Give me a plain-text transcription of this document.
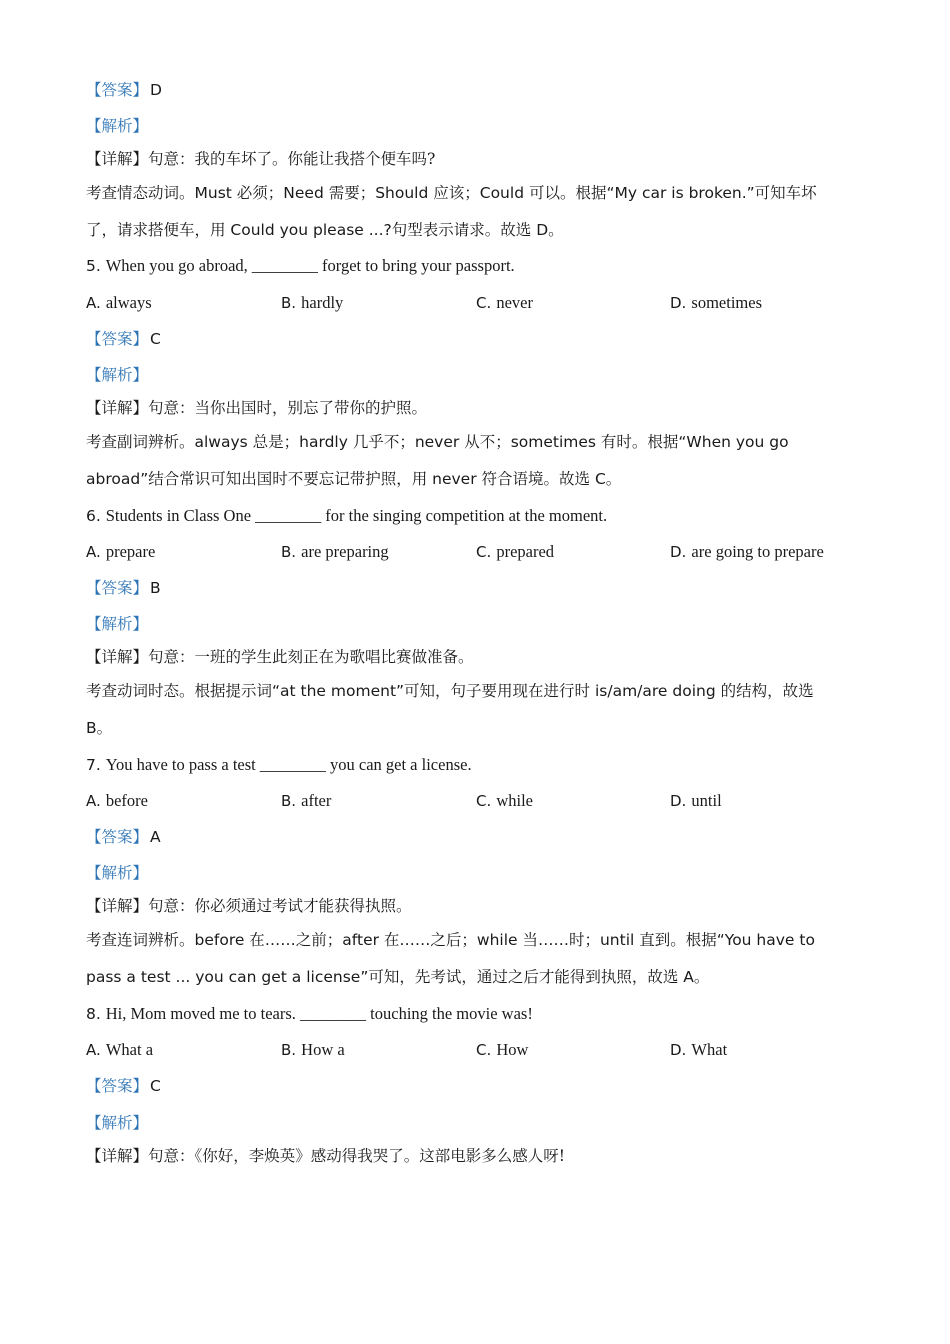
【答案】 D
【解析】
【详解】句意：我的车坏了。你能让我搭个便车吗?
考查情态动词。Must 必须；Need 需要；Should 应该；Could 可以。根据“My car is broken.”可知车坏
了，请求搭便车，用 Could you please ...?句型表示请求。故选 D。
5. When you go abroad, ________ forget to bring your passport.
A. always	B. hardly	C. never	D. sometimes
【答案】 C
【解析】
【详解】句意：当你出国时，别忘了带你的护照。
考查副词辨析。always 总是；hardly 几乎不；never 从不；sometimes 有时。根据“When you go
abroad”结合常识可知出国时不要忘记带护照，用 never 符合语境。故选 C。
6. Students in Class One ________ for the singing competition at the moment.
A. prepare	B. are preparing	C. prepared	D. are going to prepare
【答案】 B
【解析】
【详解】句意：一班的学生此刻正在为歌唱比赛做准备。
考查动词时态。根据提示词“at the moment”可知，句子要用现在进行时 is/am/are doing 的结构，故选
B。
7. You have to pass a test ________ you can get a license.
A. before	B. after	C. while	D. until
【答案】 A
【解析】
【详解】句意：你必须通过考试才能获得执照。
考查连词辨析。before 在……之前；after 在……之后；while 当……时；until 直到。根据“You have to
pass a test ... you can get a license”可知，先考试，通过之后才能得到执照，故选 A。
8. Hi, Mom moved me to tears. ________ touching the movie was!
A. What a	B. How a	C. How	D. What
【答案】 C
【解析】
【详解】句意：《你好，李焕英》感动得我哭了。这部电影多么感人呀!
